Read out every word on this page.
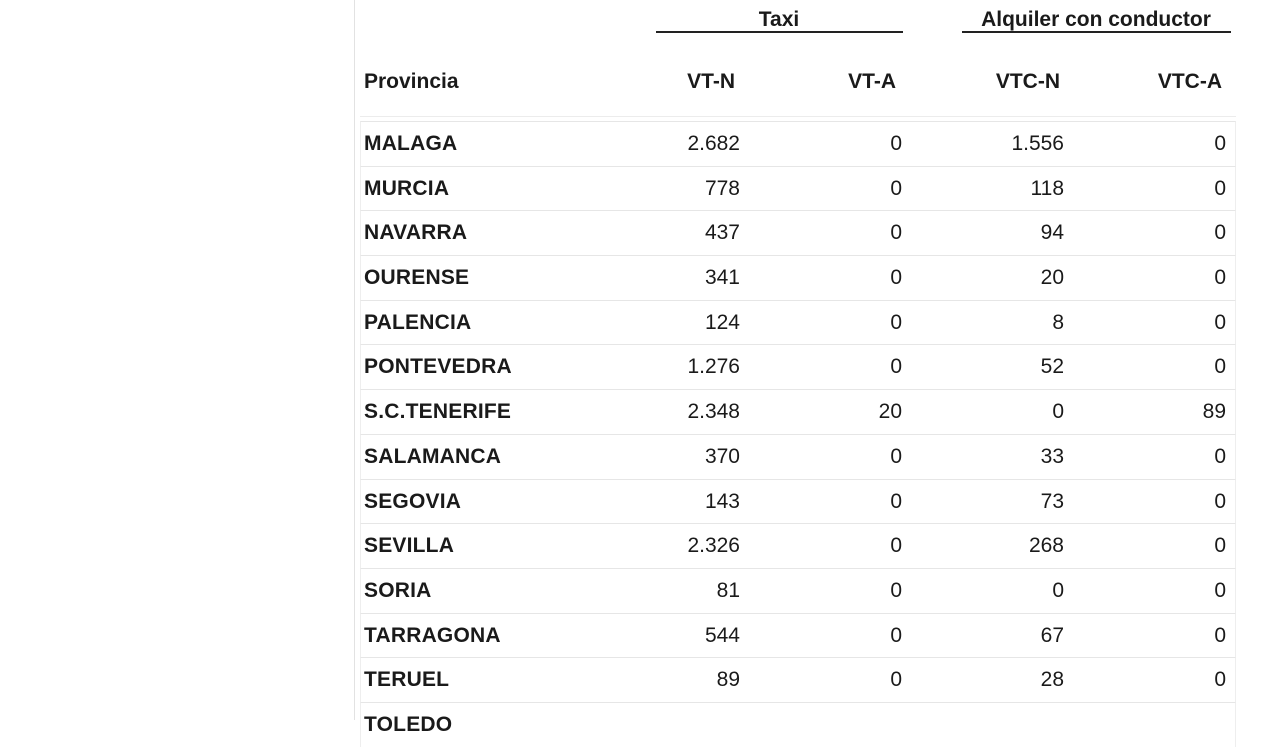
Taxi	Alquiler con conductor
Provincia	VT-N	VT-A	VTC-N	VTC-A
MALAGA	2.682	0	1.556	0
MURCIA	778	0	118	0
NAVARRA	437	0	94	0
OURENSE	341	0	20	0
PALENCIA	124	0	8	0
PONTEVEDRA	1.276	0	52	0
S.C.TENERIFE	2.348	20	0	89
SALAMANCA	370	0	33	0
SEGOVIA	143	0	73	0
SEVILLA	2.326	0	268	0
SORIA	81	0	0	0
TARRAGONA	544	0	67	0
TERUEL	89	0	28	0
TOLEDO
